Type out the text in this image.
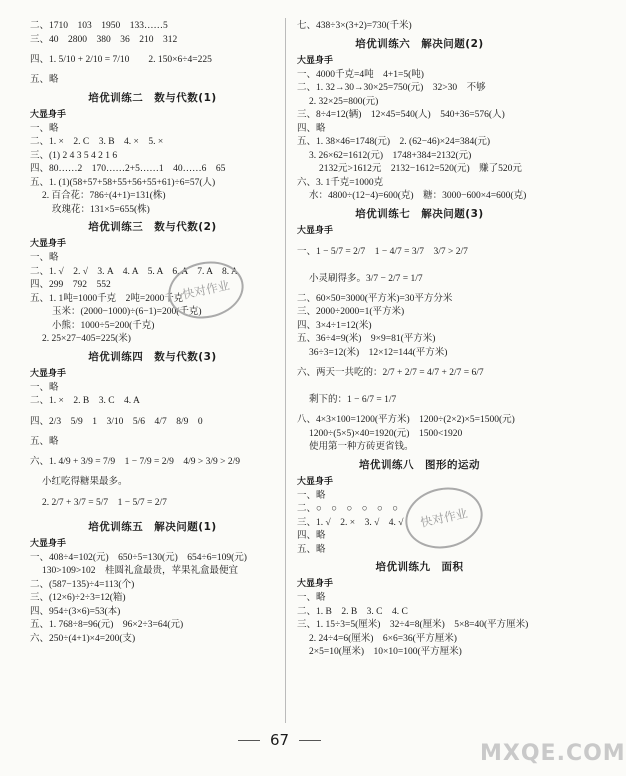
二、1710　103　1950　133……5
三、40　2800　380　36　210　312
四、1. 5/10 + 2/10 = 7/10　　2. 150×6÷4=225
五、略
培优训练二　数与代数(1)
大显身手
一、略
二、1. ×　2. C　3. B　4. ×　5. ×
三、(1) 2 4 3 5 4 2 1 6
四、80……2　170……2+5……1　40……6　65
五、1. (1)(58+57+58+55+56+55+61)÷6=57(人)
2. 百合花：786÷(4+1)=131(株)
玫瑰花：131×5=655(株)
培优训练三　数与代数(2)
大显身手
一、略
二、1. √　2. √　3. A　4. A　5. A　6. A　7. A　8. A
四、299　792　552
五、1. 1吨=1000千克　2吨=2000千克
玉米：(2000−1000)÷(6−1)=200(千克)
小熊：1000÷5=200(千克)
2. 25×27−405=225(米)
培优训练四　数与代数(3)
大显身手
一、略
二、1. ×　2. B　3. C　4. A
四、2/3　5/9　1　3/10　5/6　4/7　8/9　0
五、略
六、1. 4/9 + 3/9 = 7/9　1 − 7/9 = 2/9　4/9 > 3/9 > 2/9
小红吃得糖果最多。
2. 2/7 + 3/7 = 5/7　1 − 5/7 = 2/7
培优训练五　解决问题(1)
大显身手
一、408÷4=102(元)　650÷5=130(元)　654÷6=109(元)
130>109>102　桂圆礼盒最贵，苹果礼盒最便宜
二、(587−135)÷4=113(个)
三、(12×6)÷2÷3=12(箱)
四、954÷(3×6)=53(本)
五、1. 768÷8=96(元)　96×2÷3=64(元)
六、250÷(4+1)×4=200(支)
七、438÷3×(3+2)=730(千米)
培优训练六　解决问题(2)
大显身手
一、4000千克=4吨　4+1=5(吨)
二、1. 32→30→30×25=750(元)　32>30　不够
2. 32×25=800(元)
三、8÷4=12(辆)　12×45=540(人)　540+36=576(人)
四、略
五、1. 38×46=1748(元)　2. (62−46)×24=384(元)
3. 26×62=1612(元)　1748+384=2132(元)
2132元>1612元　2132−1612=520(元)　赚了520元
六、3. 1千克=1000克
水：4800÷(12−4)=600(克)　糖：3000−600×4=600(克)
培优训练七　解决问题(3)
大显身手
一、1 − 5/7 = 2/7　1 − 4/7 = 3/7　3/7 > 2/7
小灵刷得多。3/7 − 2/7 = 1/7
二、60×50=3000(平方米)=30平方分米
三、2000÷2000=1(平方米)
四、3×4÷1=12(米)
五、36÷4=9(米)　9×9=81(平方米)
36÷3=12(米)　12×12=144(平方米)
六、两天一共吃的：2/7 + 2/7 = 4/7 + 2/7 = 6/7
剩下的：1 − 6/7 = 1/7
八、4×3×100=1200(平方米)　1200÷(2×2)×5=1500(元)
1200÷(5×5)×40=1920(元)　1500<1920
使用第一种方砖更省钱。
培优训练八　图形的运动
大显身手
一、略
二、○　○　○　○　○　○
三、1. √　2. ×　3. √　4. √
四、略
五、略
培优训练九　面积
大显身手
一、略
二、1. B　2. B　3. C　4. C
三、1. 15÷3=5(厘米)　32÷4=8(厘米)　5×8=40(平方厘米)
2. 24÷4=6(厘米)　6×6=36(平方厘米)
2×5=10(厘米)　10×10=100(平方厘米)
快对作业
快对作业
67
MXQE.COM
